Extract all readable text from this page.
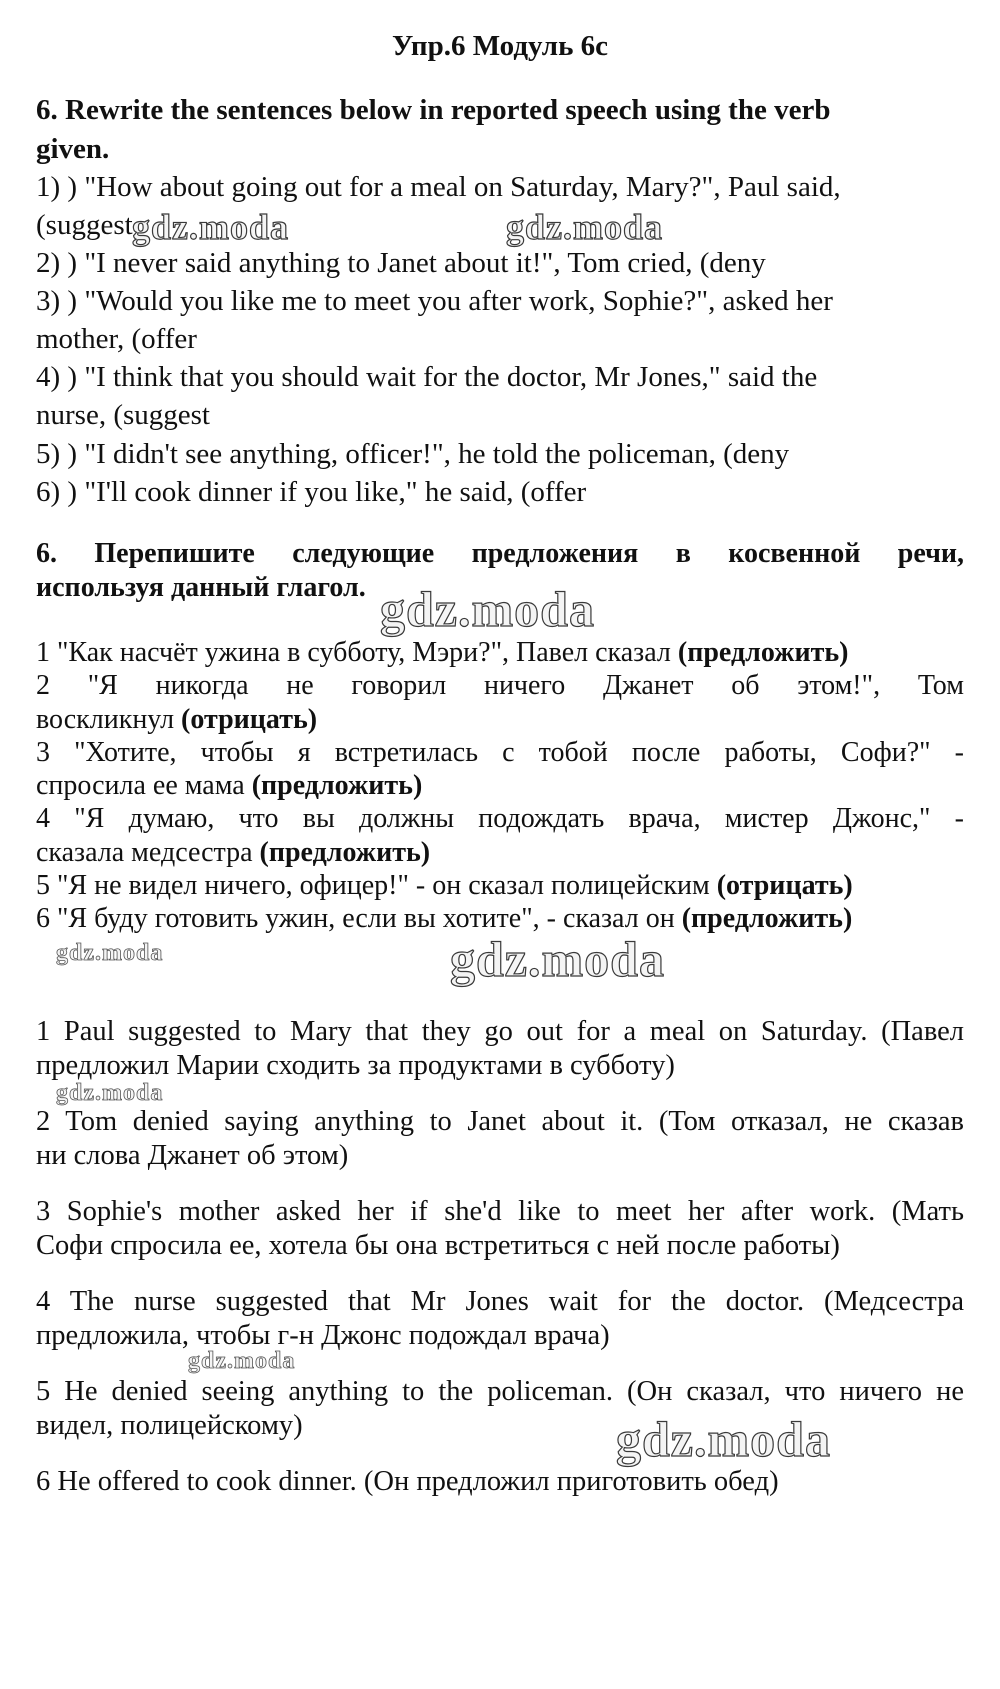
Упр.6 Модуль 6с
6. Rewrite the sentences below in reported speech using the verb
given.
1) ) "How about going out for a meal on Saturday, Mary?", Paul said,
(suggest
2) ) "I never said anything to Janet about it!", Tom cried, (deny
3) ) "Would you like me to meet you after work, Sophie?", asked her
mother, (offer
4) ) "I think that you should wait for the doctor, Mr Jones," said the
nurse, (suggest
5) ) "I didn't see anything, officer!", he told the policeman, (deny
6) ) "I'll cook dinner if you like," he said, (offer
6. Перепишите следующие предложения в косвенной речи,
используя данный глагол.
1 "Как насчёт ужина в субботу, Мэри?", Павел сказал (предложить)
2 "Я никогда не говорил ничего Джанет об этом!", Том
воскликнул (отрицать)
3 "Хотите, чтобы я встретилась с тобой после работы, Софи?" -
спросила ее мама (предложить)
4 "Я думаю, что вы должны подождать врача, мистер Джонс," -
сказала медсестра (предложить)
5 "Я не видел ничего, офицер!" - он сказал полицейским (отрицать)
6 "Я буду готовить ужин, если вы хотите", - сказал он (предложить)
1 Paul suggested to Mary that they go out for a meal on Saturday. (Павел
предложил Марии сходить за продуктами в субботу)
2 Tom denied saying anything to Janet about it. (Том отказал, не сказав
ни слова Джанет об этом)
3 Sophie's mother asked her if she'd like to meet her after work. (Мать
Софи спросила ее, хотела бы она встретиться с ней после работы)
4 The nurse suggested that Mr Jones wait for the doctor. (Медсестра
предложила, чтобы г-н Джонс подождал врача)
5 He denied seeing anything to the policeman. (Он сказал, что ничего не
видел, полицейскому)
6 He offered to cook dinner. (Он предложил приготовить обед)
gdz.moda	gdz.moda
gdz.moda
gdz.moda	gdz.moda
gdz.moda
gdz.moda
gdz.moda
